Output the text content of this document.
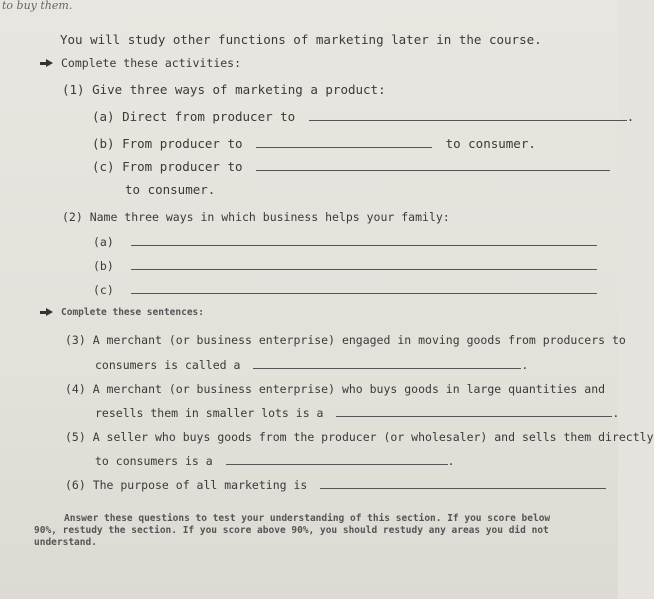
to buy them.
You will study other functions of marketing later in the course.
Complete these activities:
(1) Give three ways of marketing a product:
(a) Direct from producer to	.
(b) From producer to	to consumer.
(c) From producer to
to consumer.
(2) Name three ways in which business helps your family:
(a)
(b)
(c)
Complete these sentences:
(3) A merchant (or business enterprise) engaged in moving goods from producers to
consumers is called a	.
(4) A merchant (or business enterprise) who buys goods in large quantities and
resells them in smaller lots is a	.
(5) A seller who buys goods from the producer (or wholesaler) and sells them directly
to consumers is a	.
(6) The purpose of all marketing is
Answer these questions to test your understanding of this section. If you score below
90%, restudy the section. If you score above 90%, you should restudy any areas you did not
understand.
